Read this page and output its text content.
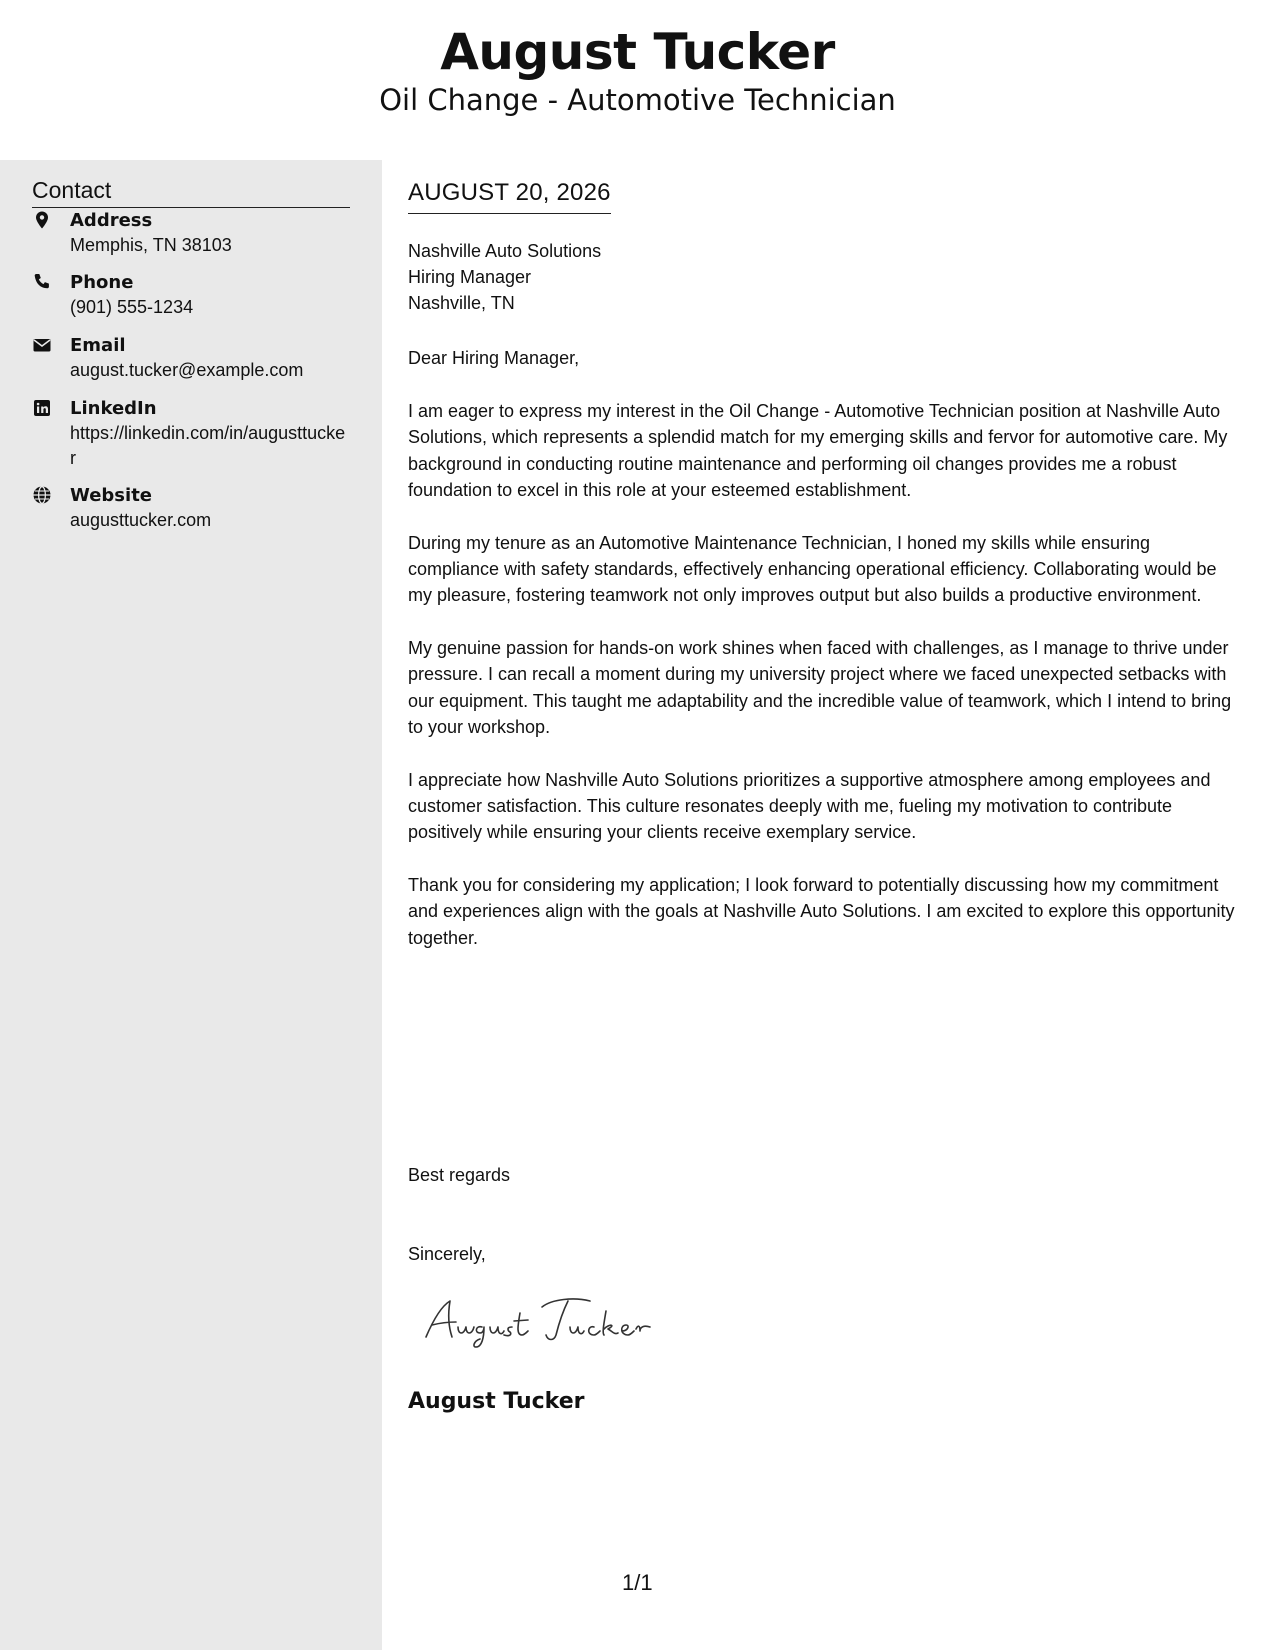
August Tucker
Oil Change - Automotive Technician
Contact
Address
Memphis, TN 38103
Phone
(901) 555-1234
Email
august.tucker@example.com
LinkedIn
https://linkedin.com/in/augusttucker
Website
augusttucker.com
AUGUST 20, 2026
Nashville Auto Solutions
Hiring Manager
Nashville, TN
Dear Hiring Manager,

I am eager to express my interest in the Oil Change - Automotive Technician position at Nashville Auto Solutions, which represents a splendid match for my emerging skills and fervor for automotive care. My background in conducting routine maintenance and performing oil changes provides me a robust foundation to excel in this role at your esteemed establishment.

During my tenure as an Automotive Maintenance Technician, I honed my skills while ensuring compliance with safety standards, effectively enhancing operational efficiency. Collaborating would be my pleasure, fostering teamwork not only improves output but also builds a productive environment.

My genuine passion for hands-on work shines when faced with challenges, as I manage to thrive under pressure. I can recall a moment during my university project where we faced unexpected setbacks with our equipment. This taught me adaptability and the incredible value of teamwork, which I intend to bring to your workshop.

I appreciate how Nashville Auto Solutions prioritizes a supportive atmosphere among employees and customer satisfaction. This culture resonates deeply with me, fueling my motivation to contribute positively while ensuring your clients receive exemplary service.

Thank you for considering my application; I look forward to potentially discussing how my commitment and experiences align with the goals at Nashville Auto Solutions. I am excited to explore this opportunity together.

Best regards
Sincerely,
August Tucker
1/1
